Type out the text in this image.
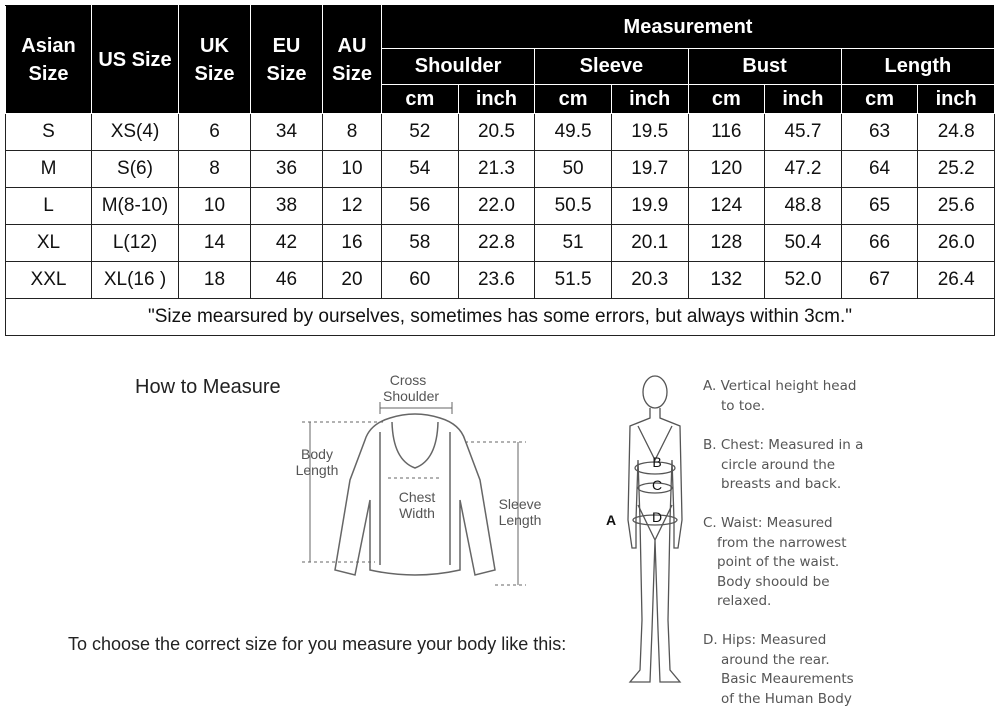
Asian Size	US Size	UK Size	EU Size	AU Size	Measurement							
					Shoulder		Sleeve		Bust		Length	
					cm	inch	cm	inch	cm	inch	cm	inch
S	XS(4)	6	34	8	52	20.5	49.5	19.5	116	45.7	63	24.8
M	S(6)	8	36	10	54	21.3	50	19.7	120	47.2	64	25.2
L	M(8-10)	10	38	12	56	22.0	50.5	19.9	124	48.8	65	25.6
XL	L(12)	14	42	16	58	22.8	51	20.1	128	50.4	66	26.0
XXL	XL(16 )	18	46	20	60	23.6	51.5	20.3	132	52.0	67	26.4
"Size mearsured by ourselves, sometimes has some errors, but always within 3cm."												
How to Measure	Cross Shoulder
Body Length
Chest Width
Sleeve Length
To choose the correct size for you measure your body like this:
B
C
D
A
A. Vertical height head
to toe.
B. Chest: Measured in a
circle around the
breasts and back.
C. Waist: Measured
from the narrowest
point of the waist.
Body shoould be
relaxed.
D. Hips: Measured
around the rear.
Basic Meaurements
of the Human Body
